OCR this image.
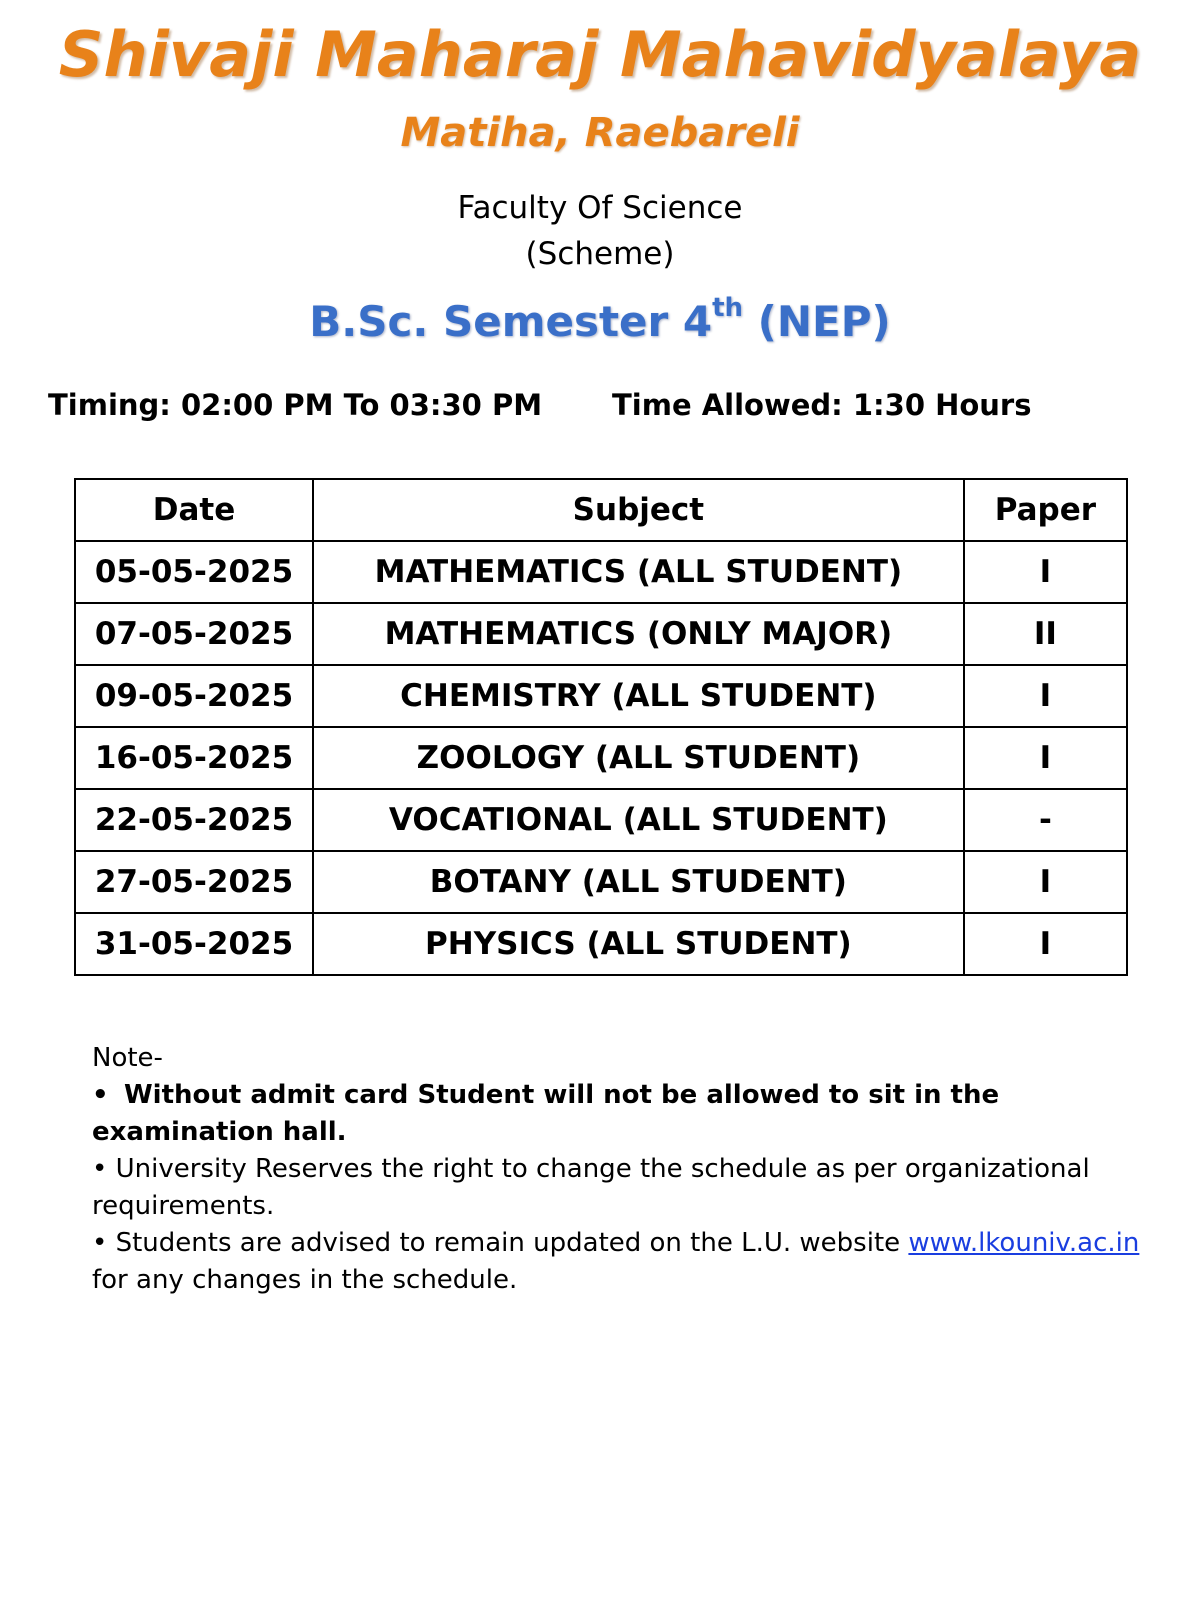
Shivaji Maharaj Mahavidyalaya
Matiha, Raebareli
Faculty Of Science
(Scheme)
B.Sc. Semester 4th (NEP)
Timing: 02:00 PM To 03:30 PM Time Allowed: 1:30 Hours
Date	Subject	Paper
05-05-2025	MATHEMATICS (ALL STUDENT)	I
07-05-2025	MATHEMATICS (ONLY MAJOR)	II
09-05-2025	CHEMISTRY (ALL STUDENT)	I
16-05-2025	ZOOLOGY (ALL STUDENT)	I
22-05-2025	VOCATIONAL (ALL STUDENT)	-
27-05-2025	BOTANY (ALL STUDENT)	I
31-05-2025	PHYSICS (ALL STUDENT)	I

Note-

• Without admit card Student will not be allowed to sit in the examination hall.

• University Reserves the right to change the schedule as per organizational requirements.

• Students are advised to remain updated on the L.U. website www.lkouniv.ac.in for any changes in the schedule.
